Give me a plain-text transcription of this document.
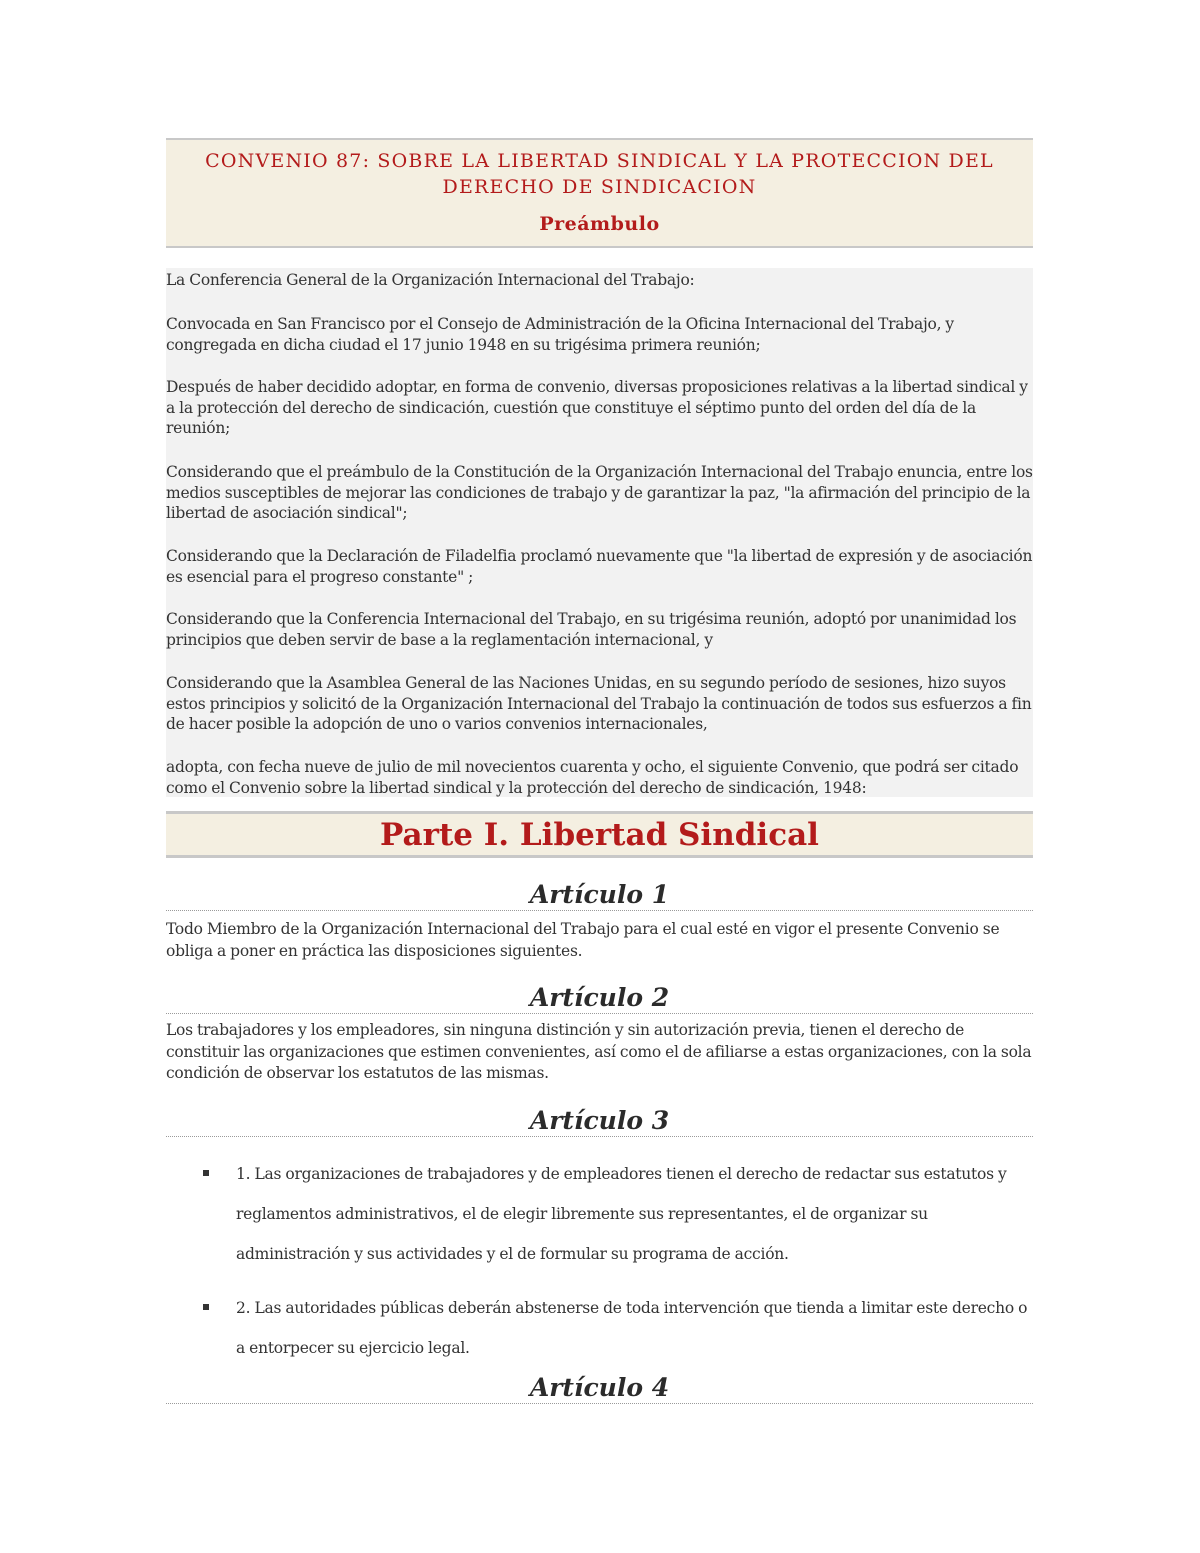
CONVENIO 87: SOBRE LA LIBERTAD SINDICAL Y LA PROTECCION DEL DERECHO DE SINDICACION
Preámbulo

La Conferencia General de la Organización Internacional del Trabajo:

Convocada en San Francisco por el Consejo de Administración de la Oficina Internacional del Trabajo, y congregada en dicha ciudad el 17 junio 1948 en su trigésima primera reunión;

Después de haber decidido adoptar, en forma de convenio, diversas proposiciones relativas a la libertad sindical y a la protección del derecho de sindicación, cuestión que constituye el séptimo punto del orden del día de la reunión;

Considerando que el preámbulo de la Constitución de la Organización Internacional del Trabajo enuncia, entre los medios susceptibles de mejorar las condiciones de trabajo y de garantizar la paz, "la afirmación del principio de la libertad de asociación sindical";

Considerando que la Declaración de Filadelfia proclamó nuevamente que "la libertad de expresión y de asociación es esencial para el progreso constante" ;

Considerando que la Conferencia Internacional del Trabajo, en su trigésima reunión, adoptó por unanimidad los principios que deben servir de base a la reglamentación internacional, y

Considerando que la Asamblea General de las Naciones Unidas, en su segundo período de sesiones, hizo suyos estos principios y solicitó de la Organización Internacional del Trabajo la continuación de todos sus esfuerzos a fin de hacer posible la adopción de uno o varios convenios internacionales,

adopta, con fecha nueve de julio de mil novecientos cuarenta y ocho, el siguiente Convenio, que podrá ser citado como el Convenio sobre la libertad sindical y la protección del derecho de sindicación, 1948:

Parte I. Libertad Sindical
Artículo 1

Todo Miembro de la Organización Internacional del Trabajo para el cual esté en vigor el presente Convenio se obliga a poner en práctica las disposiciones siguientes.

Artículo 2

Los trabajadores y los empleadores, sin ninguna distinción y sin autorización previa, tienen el derecho de constituir las organizaciones que estimen convenientes, así como el de afiliarse a estas organizaciones, con la sola condición de observar los estatutos de las mismas.

Artículo 3

1. Las organizaciones de trabajadores y de empleadores tienen el derecho de redactar sus estatutos y reglamentos administrativos, el de elegir libremente sus representantes, el de organizar su administración y sus actividades y el de formular su programa de acción.

2. Las autoridades públicas deberán abstenerse de toda intervención que tienda a limitar este derecho o a entorpecer su ejercicio legal.

Artículo 4
